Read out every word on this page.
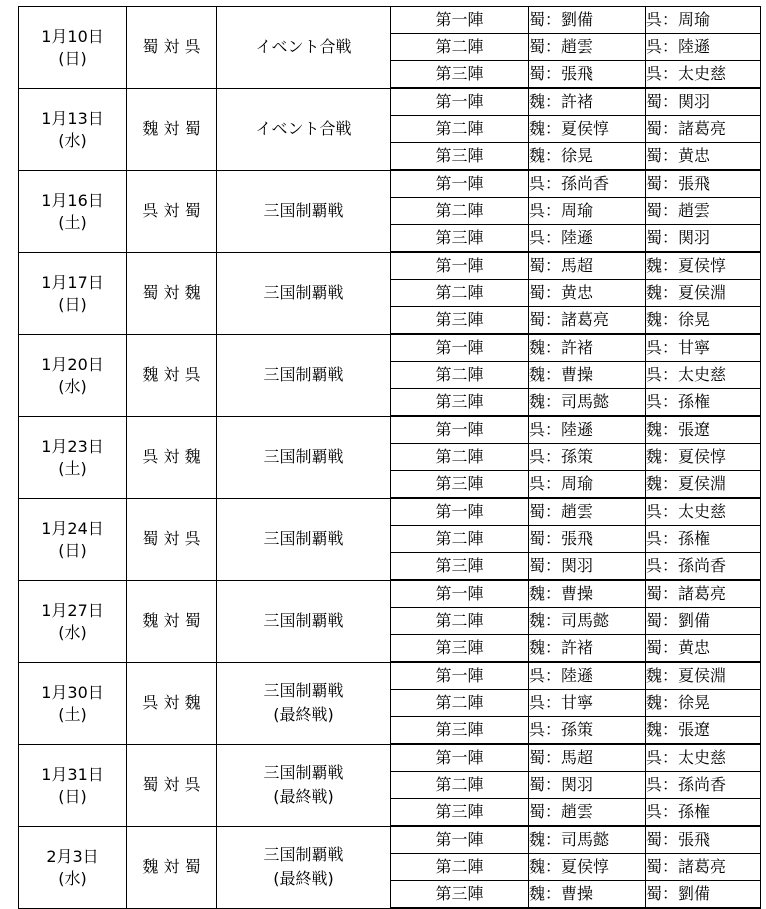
1月10日
(日)	蜀 対 呉	イベント合戦	第一陣	蜀：劉備	呉：周瑜
			第二陣	蜀：趙雲	呉：陸遜
			第三陣	蜀：張飛	呉：太史慈

1月13日
(水)	魏 対 蜀	イベント合戦	第一陣	魏：許褚	蜀：関羽
			第二陣	魏：夏侯惇	蜀：諸葛亮
			第三陣	魏：徐晃	蜀：黄忠

1月16日
(土)	呉 対 蜀	三国制覇戦	第一陣	呉：孫尚香	蜀：張飛
			第二陣	呉：周瑜	蜀：趙雲
			第三陣	呉：陸遜	蜀：関羽

1月17日
(日)	蜀 対 魏	三国制覇戦	第一陣	蜀：馬超	魏：夏侯惇
			第二陣	蜀：黄忠	魏：夏侯淵
			第三陣	蜀：諸葛亮	魏：徐晃

1月20日
(水)	魏 対 呉	三国制覇戦	第一陣	魏：許褚	呉：甘寧
			第二陣	魏：曹操	呉：太史慈
			第三陣	魏：司馬懿	呉：孫権

1月23日
(土)	呉 対 魏	三国制覇戦	第一陣	呉：陸遜	魏：張遼
			第二陣	呉：孫策	魏：夏侯惇
			第三陣	呉：周瑜	魏：夏侯淵

1月24日
(日)	蜀 対 呉	三国制覇戦	第一陣	蜀：趙雲	呉：太史慈
			第二陣	蜀：張飛	呉：孫権
			第三陣	蜀：関羽	呉：孫尚香

1月27日
(水)	魏 対 蜀	三国制覇戦	第一陣	魏：曹操	蜀：諸葛亮
			第二陣	魏：司馬懿	蜀：劉備
			第三陣	魏：許褚	蜀：黄忠

1月30日
(土)	呉 対 魏	三国制覇戦
(最終戦)	第一陣	呉：陸遜	魏：夏侯淵
			第二陣	呉：甘寧	魏：徐晃
			第三陣	呉：孫策	魏：張遼

1月31日
(日)	蜀 対 呉	三国制覇戦
(最終戦)	第一陣	蜀：馬超	呉：太史慈
			第二陣	蜀：関羽	呉：孫尚香
			第三陣	蜀：趙雲	呉：孫権

2月3日
(水)	魏 対 蜀	三国制覇戦
(最終戦)	第一陣	魏：司馬懿	蜀：張飛
			第二陣	魏：夏侯惇	蜀：諸葛亮
			第三陣	魏：曹操	蜀：劉備
